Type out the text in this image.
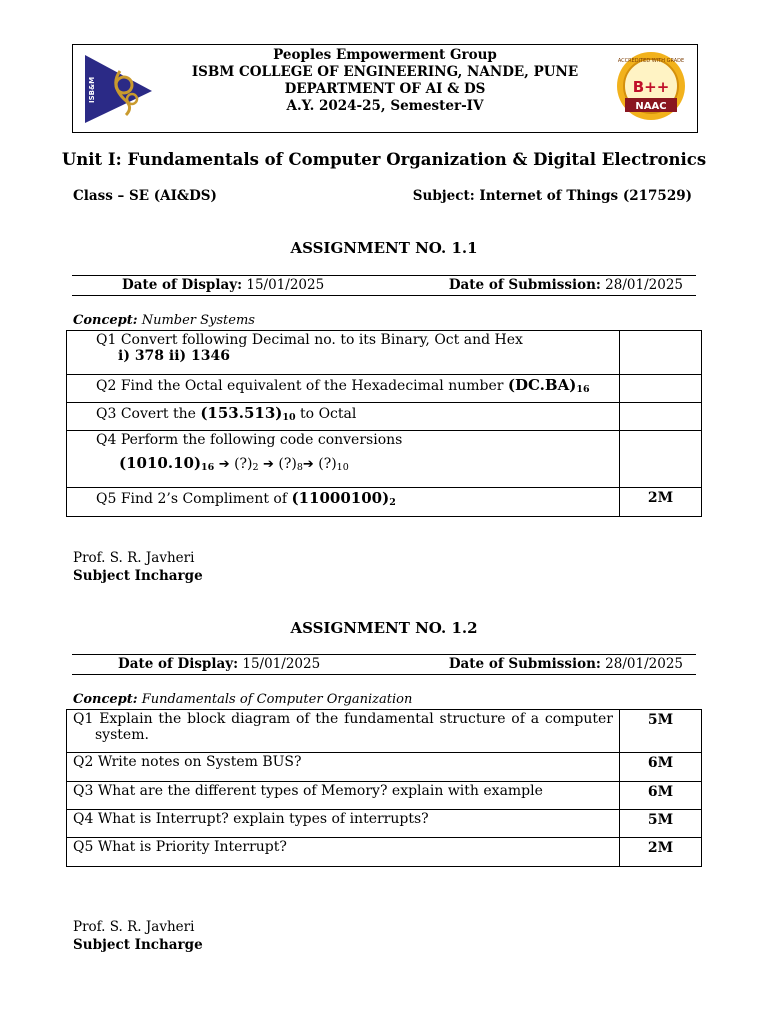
ISB&M
Peoples Empowerment Group
ISBM COLLEGE OF ENGINEERING, NANDE, PUNE
DEPARTMENT OF AI & DS
A.Y. 2024-25, Semester-IV
ACCREDITED WITH GRADE
B++
NAAC
Unit I: Fundamentals of Computer Organization & Digital Electronics
Class – SE (AI&DS)	Subject: Internet of Things (217529)
ASSIGNMENT NO. 1.1
Date of Display: 15/01/2025	Date of Submission: 28/01/2025
Concept: Number Systems
Q1 Convert following Decimal no. to its Binary, Oct and Hex
i) 378 ii) 1346	

Q2 Find the Octal equivalent of the Hexadecimal number $(DC.BA)_{16}$	
Q3 Covert the $(153.513)_{10}$ to Octal	
Q4 Perform the following code conversions
$(1010.10)_{16}$ ➔ $(?)_2$ ➔ $(?)_8➔$ $(?)_{10}$

Q5 Find 2’s Compliment of $(11000100)_2$	2M
Prof. S. R. Javheri
Subject Incharge
ASSIGNMENT NO. 1.2
Date of Display: 15/01/2025	Date of Submission: 28/01/2025
Concept: Fundamentals of Computer Organization
Q1 Explain the block diagram of the fundamental structure of a computer
system.	5M
Q2 Write notes on System BUS?	6M
Q3 What are the different types of Memory? explain with example	6M
Q4 What is Interrupt? explain types of interrupts?	5M
Q5 What is Priority Interrupt?	2M
Prof. S. R. Javheri
Subject Incharge
